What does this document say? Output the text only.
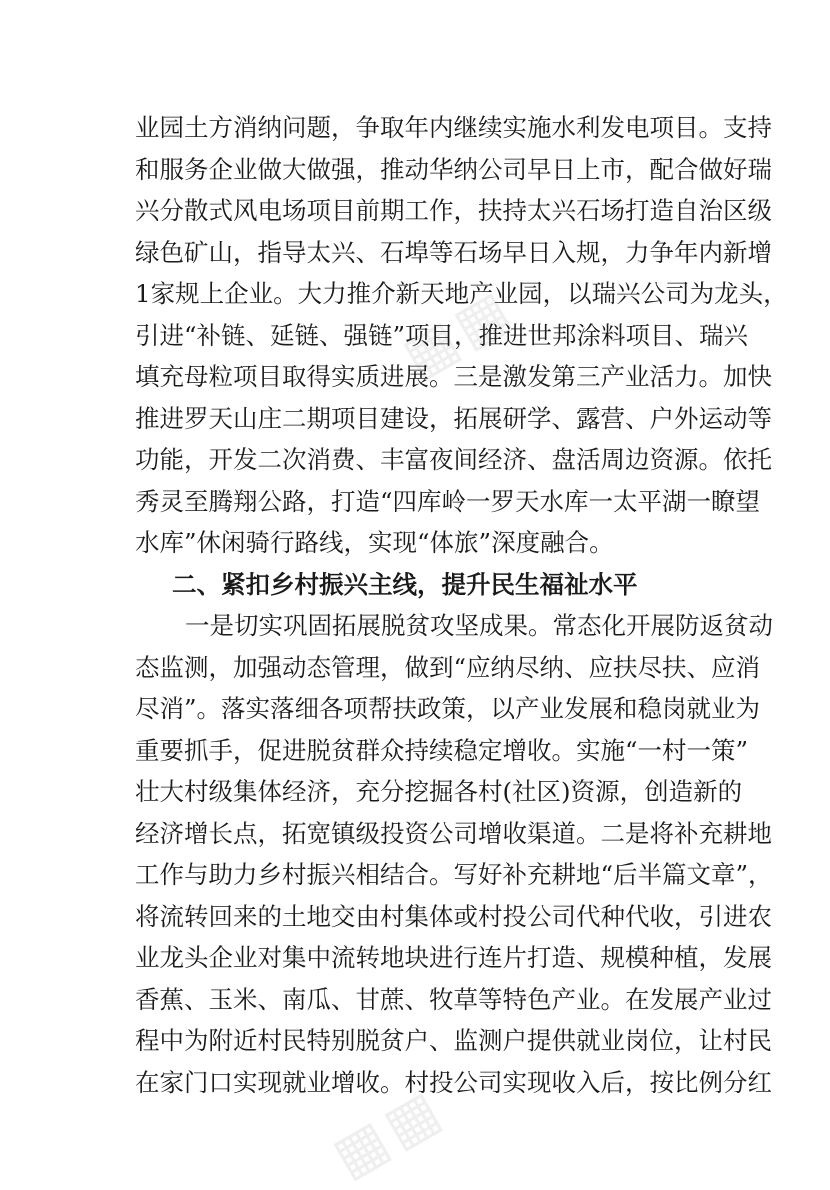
▦▦
▦▦
业园土方消纳问题，争取年内继续实施水利发电项目。支持
和服务企业做大做强，推动华纳公司早日上市，配合做好瑞
兴分散式风电场项目前期工作，扶持太兴石场打造自治区级
绿色矿山，指导太兴、石埠等石场早日入规，力争年内新增
1家规上企业。大力推介新天地产业园，以瑞兴公司为龙头，
引进“补链、延链、强链”项目，推进世邦涂料项目、瑞兴
填充母粒项目取得实质进展。三是激发第三产业活力。加快
推进罗天山庄二期项目建设，拓展研学、露营、户外运动等
功能，开发二次消费、丰富夜间经济、盘活周边资源。依托
秀灵至腾翔公路，打造“四库岭一罗天水库一太平湖一瞭望
水库”休闲骑行路线，实现“体旅”深度融合。
二、紧扣乡村振兴主线，提升民生福祉水平
一是切实巩固拓展脱贫攻坚成果。常态化开展防返贫动
态监测，加强动态管理，做到“应纳尽纳、应扶尽扶、应消
尽消”。落实落细各项帮扶政策，以产业发展和稳岗就业为
重要抓手，促进脱贫群众持续稳定增收。实施“一村一策”
壮大村级集体经济，充分挖掘各村(社区)资源，创造新的
经济增长点，拓宽镇级投资公司增收渠道。二是将补充耕地
工作与助力乡村振兴相结合。写好补充耕地“后半篇文章”，
将流转回来的土地交由村集体或村投公司代种代收，引进农
业龙头企业对集中流转地块进行连片打造、规模种植，发展
香蕉、玉米、南瓜、甘蔗、牧草等特色产业。在发展产业过
程中为附近村民特别脱贫户、监测户提供就业岗位，让村民
在家门口实现就业增收。村投公司实现收入后，按比例分红
